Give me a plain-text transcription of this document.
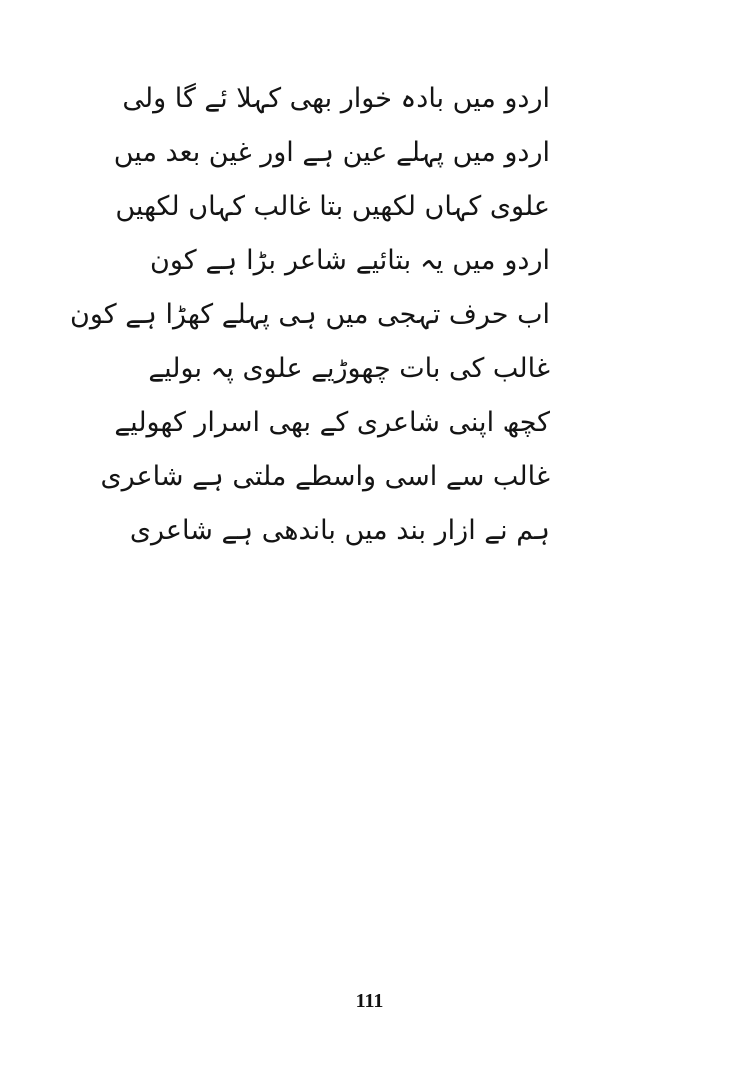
اردو میں بادہ خوار بھی کہلا ئے گا ولی
اردو میں پہلے عین ہے اور غین بعد میں
علوی کہاں لکھیں بتا غالب کہاں لکھیں
اردو میں یہ بتائیے شاعر بڑا ہے کون
اب حرف تہجی میں ہی پہلے کھڑا ہے کون
غالب کی بات چھوڑیے علوی پہ بولیے
کچھ اپنی شاعری کے بھی اسرار کھولیے
غالب سے اسی واسطے ملتی ہے شاعری
ہم نے ازار بند میں باندھی ہے شاعری
111
